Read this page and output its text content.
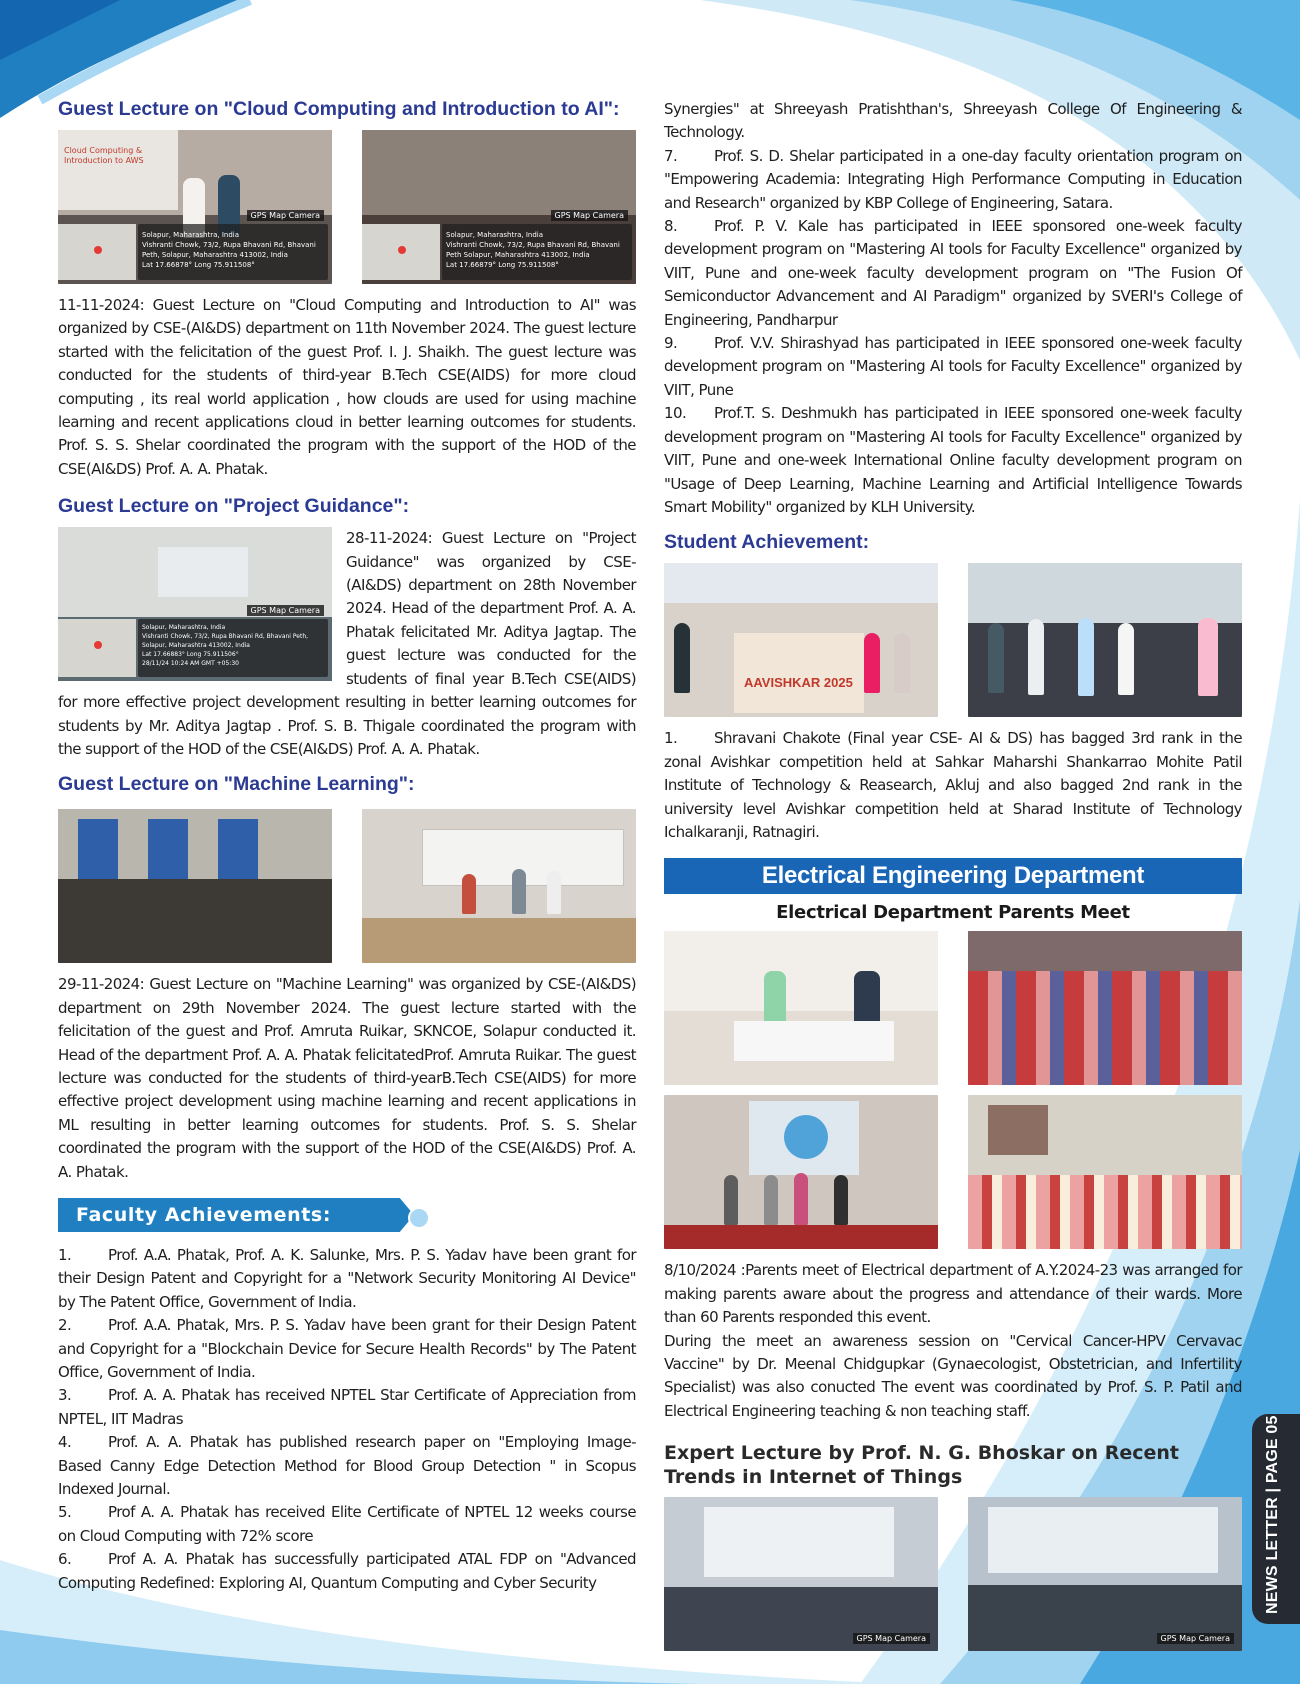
Guest Lecture on "Cloud Computing and Introduction to AI":
Cloud Computing & Introduction to AWS
GPS Map Camera
Solapur, Maharashtra, India
Vishranti Chowk, 73/2, Rupa Bhavani Rd, Bhavani
Peth, Solapur, Maharashtra 413002, India
Lat 17.66878° Long 75.911508°
GPS Map Camera
Solapur, Maharashtra, India
Vishranti Chowk, 73/2, Rupa Bhavani Rd, Bhavani
Peth Solapur, Maharashtra 413002, India
Lat 17.66879° Long 75.911508°

11-11-2024: Guest Lecture on "Cloud Computing and Introduction to AI" was organized by CSE-(AI&DS) department on 11th November 2024. The guest lecture started with the felicitation of the guest Prof. I. J. Shaikh. The guest lecture was conducted for the students of third-year B.Tech CSE(AIDS) for more cloud computing , its real world application , how clouds are used for using machine learning and recent applications cloud in better learning outcomes for students. Prof. S. S. Shelar coordinated the program with the support of the HOD of the CSE(AI&DS) Prof. A. A. Phatak.

Guest Lecture on "Project Guidance":
GPS Map Camera
Solapur, Maharashtra, India
Vishranti Chowk, 73/2, Rupa Bhavani Rd, Bhavani Peth,
Solapur, Maharashtra 413002, India
Lat 17.66883° Long 75.911506°
28/11/24 10:24 AM GMT +05:30

28-11-2024: Guest Lecture on "Project Guidance" was organized by CSE-(AI&DS) department on 28th November 2024. Head of the department Prof. A. A. Phatak felicitated Mr. Aditya Jagtap. The guest lecture was conducted for the students of final year B.Tech CSE(AIDS) for more effective project development resulting in better learning outcomes for students by Mr. Aditya Jagtap . Prof. S. B. Thigale coordinated the program with the support of the HOD of the CSE(AI&DS) Prof. A. A. Phatak.

Guest Lecture on "Machine Learning":

29-11-2024: Guest Lecture on "Machine Learning" was organized by CSE-(AI&DS) department on 29th November 2024. The guest lecture started with the felicitation of the guest and Prof. Amruta Ruikar, SKNCOE, Solapur conducted it. Head of the department Prof. A. A. Phatak felicitatedProf. Amruta Ruikar. The guest lecture was conducted for the students of third-yearB.Tech CSE(AIDS) for more effective project development using machine learning and recent applications in ML resulting in better learning outcomes for students. Prof. S. S. Shelar coordinated the program with the support of the HOD of the CSE(AI&DS) Prof. A. A. Phatak.

Faculty Achievements:
1. Prof. A.A. Phatak, Prof. A. K. Salunke, Mrs. P. S. Yadav have been grant for their Design Patent and Copyright for a "Network Security Monitoring AI Device" by The Patent Office, Government of India.
2. Prof. A.A. Phatak, Mrs. P. S. Yadav have been grant for their Design Patent and Copyright for a "Blockchain Device for Secure Health Records" by The Patent Office, Government of India.
3. Prof. A. A. Phatak has received NPTEL Star Certificate of Appreciation from NPTEL, IIT Madras
4. Prof. A. A. Phatak has published research paper on "Employing Image-Based Canny Edge Detection Method for Blood Group Detection " in Scopus Indexed Journal.
5. Prof A. A. Phatak has received Elite Certificate of NPTEL 12 weeks course on Cloud Computing with 72% score
6. Prof A. A. Phatak has successfully participated ATAL FDP on "Advanced Computing Redefined: Exploring AI, Quantum Computing and Cyber Security

Synergies" at Shreeyash Pratishthan's, Shreeyash College Of Engineering & Technology.

7. Prof. S. D. Shelar participated in a one-day faculty orientation program on "Empowering Academia: Integrating High Performance Computing in Education and Research" organized by KBP College of Engineering, Satara.
8. Prof. P. V. Kale has participated in IEEE sponsored one-week faculty development program on "Mastering AI tools for Faculty Excellence" organized by VIIT, Pune and one-week faculty development program on "The Fusion Of Semiconductor Advancement and AI Paradigm" organized by SVERI's College of Engineering, Pandharpur
9. Prof. V.V. Shirashyad has participated in IEEE sponsored one-week faculty development program on "Mastering AI tools for Faculty Excellence" organized by VIIT, Pune
10. Prof.T. S. Deshmukh has participated in IEEE sponsored one-week faculty development program on "Mastering AI tools for Faculty Excellence" organized by VIIT, Pune and one-week International Online faculty development program on "Usage of Deep Learning, Machine Learning and Artificial Intelligence Towards Smart Mobility" organized by KLH University.
Student Achievement:
AAVISHKAR 2025
1. Shravani Chakote (Final year CSE- AI & DS) has bagged 3rd rank in the zonal Avishkar competition held at Sahkar Maharshi Shankarrao Mohite Patil Institute of Technology & Reasearch, Akluj and also bagged 2nd rank in the university level Avishkar competition held at Sharad Institute of Technology Ichalkaranji, Ratnagiri.
Electrical Engineering Department
Electrical Department Parents Meet

8/10/2024 :Parents meet of Electrical department of A.Y.2024-23 was arranged for making parents aware about the progress and attendance of their wards. More than 60 Parents responded this event.

During the meet an awareness session on "Cervical Cancer-HPV Cervavac Vaccine" by Dr. Meenal Chidgupkar (Gynaecologist, Obstetrician, and Infertility Specialist) was also conucted The event was coordinated by Prof. S. P. Patil and Electrical Engineering teaching & non teaching staff.

Expert Lecture by Prof. N. G. Bhoskar on Recent
Trends in Internet of Things
GPS Map Camera	GPS Map Camera
NEWS LETTER | PAGE 05
